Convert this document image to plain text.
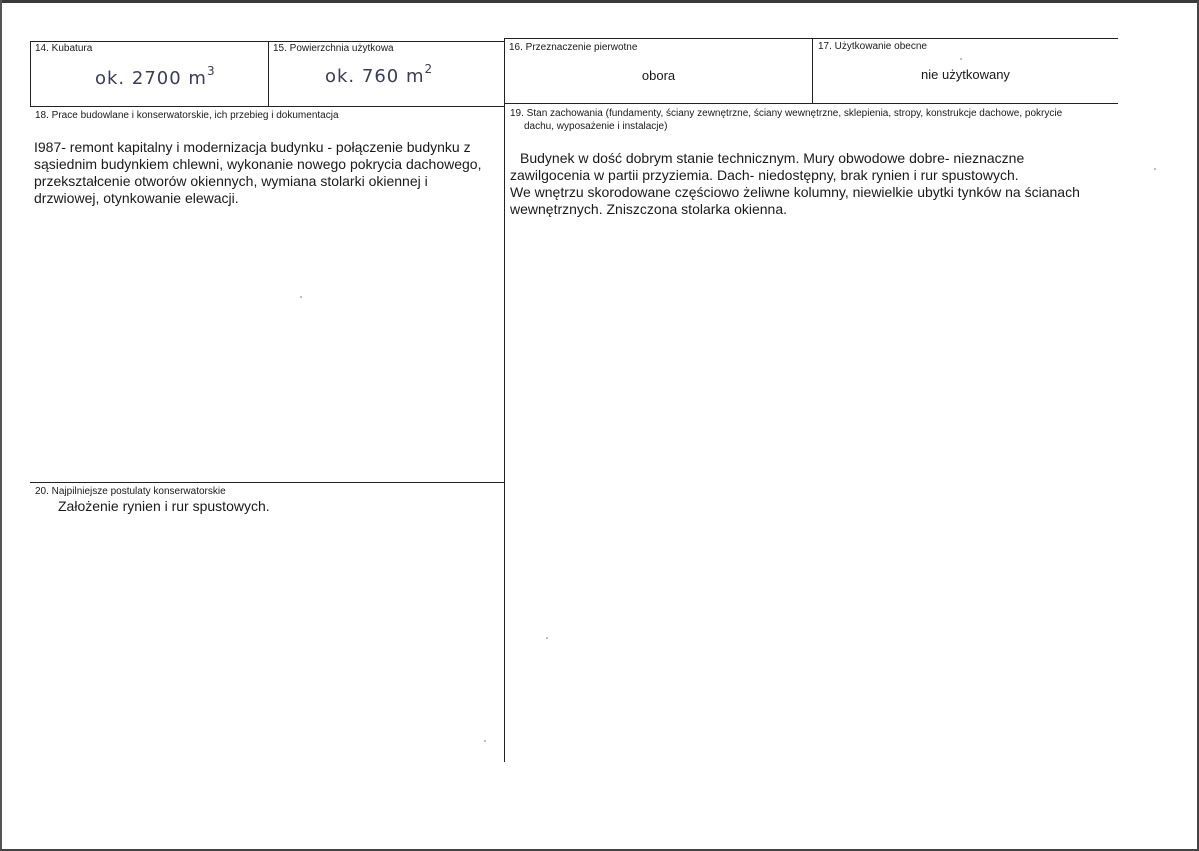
14. Kubatura
ok. 2700 $m^3$
15. Powierzchnia użytkowa
ok. 760 $m^2$
16. Przeznaczenie pierwotne
obora
17. Użytkowanie obecne
nie użytkowany
18. Prace budowlane i konserwatorskie, ich przebieg i dokumentacja
I987- remont kapitalny i modernizacja budynku - połączenie budynku z
sąsiednim budynkiem chlewni, wykonanie nowego pokrycia dachowego,
przekształcenie otworów okiennych, wymiana stolarki okiennej i
drzwiowej, otynkowanie elewacji.
19. Stan zachowania (fundamenty, ściany zewnętrzne, ściany wewnętrzne, sklepienia, stropy, konstrukcje dachowe, pokrycie
dachu, wyposażenie i instalacje)
Budynek w dość dobrym stanie technicznym. Mury obwodowe dobre- nieznaczne
zawilgocenia w partii przyziemia. Dach- niedostępny, brak rynien i rur spustowych.
We wnętrzu skorodowane częściowo żeliwne kolumny, niewielkie ubytki tynków na ścianach
wewnętrznych. Zniszczona stolarka okienna.
20. Najpilniejsze postulaty konserwatorskie
Założenie rynien i rur spustowych.
